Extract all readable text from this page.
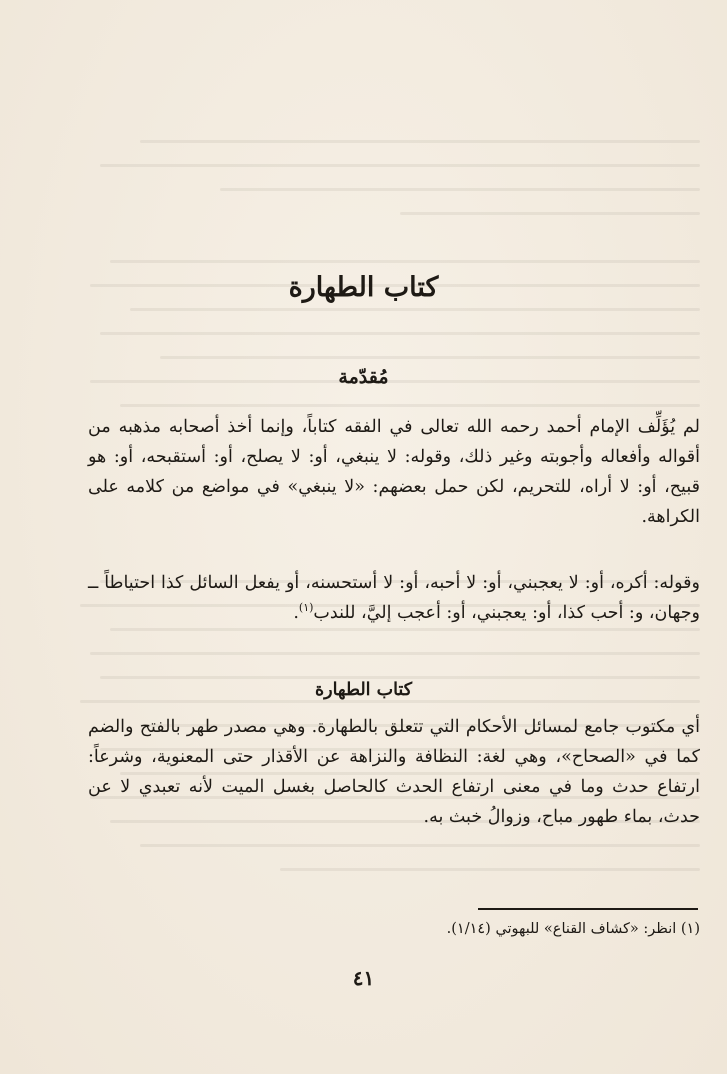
كتاب الطهارة
مُقدّمة
لم يُؤَلِّف الإمام أحمد رحمه الله تعالى في الفقه كتاباً، وإنما أخذ أصحابه مذهبه من أقواله وأفعاله وأجوبته وغير ذلك، وقوله: لا ينبغي، أو: لا يصلح، أو: أستقبحه، أو: هو قبيح، أو: لا أراه، للتحريم، لكن حمل بعضهم: «لا ينبغي» في مواضع من كلامه على الكراهة.
وقوله: أكره، أو: لا يعجبني، أو: لا أحبه، أو: لا أستحسنه، أو يفعل السائل كذا احتياطاً ــ وجهان، و: أحب كذا، أو: يعجبني، أو: أعجب إليَّ، للندب$^{(١)}$.
كتاب الطهارة
أي مكتوب جامع لمسائل الأحكام التي تتعلق بالطهارة. وهي مصدر طهر بالفتح والضم كما في «الصحاح»، وهي لغة: النظافة والنزاهة عن الأقذار حتى المعنوية، وشرعاً: ارتفاع حدث وما في معنى ارتفاع الحدث كالحاصل بغسل الميت لأنه تعبدي لا عن حدث، بماء طهور مباح، وزوالُ خبث به.
(١) انظر: «كشاف القناع» للبهوتي (١/١٤).
٤١
